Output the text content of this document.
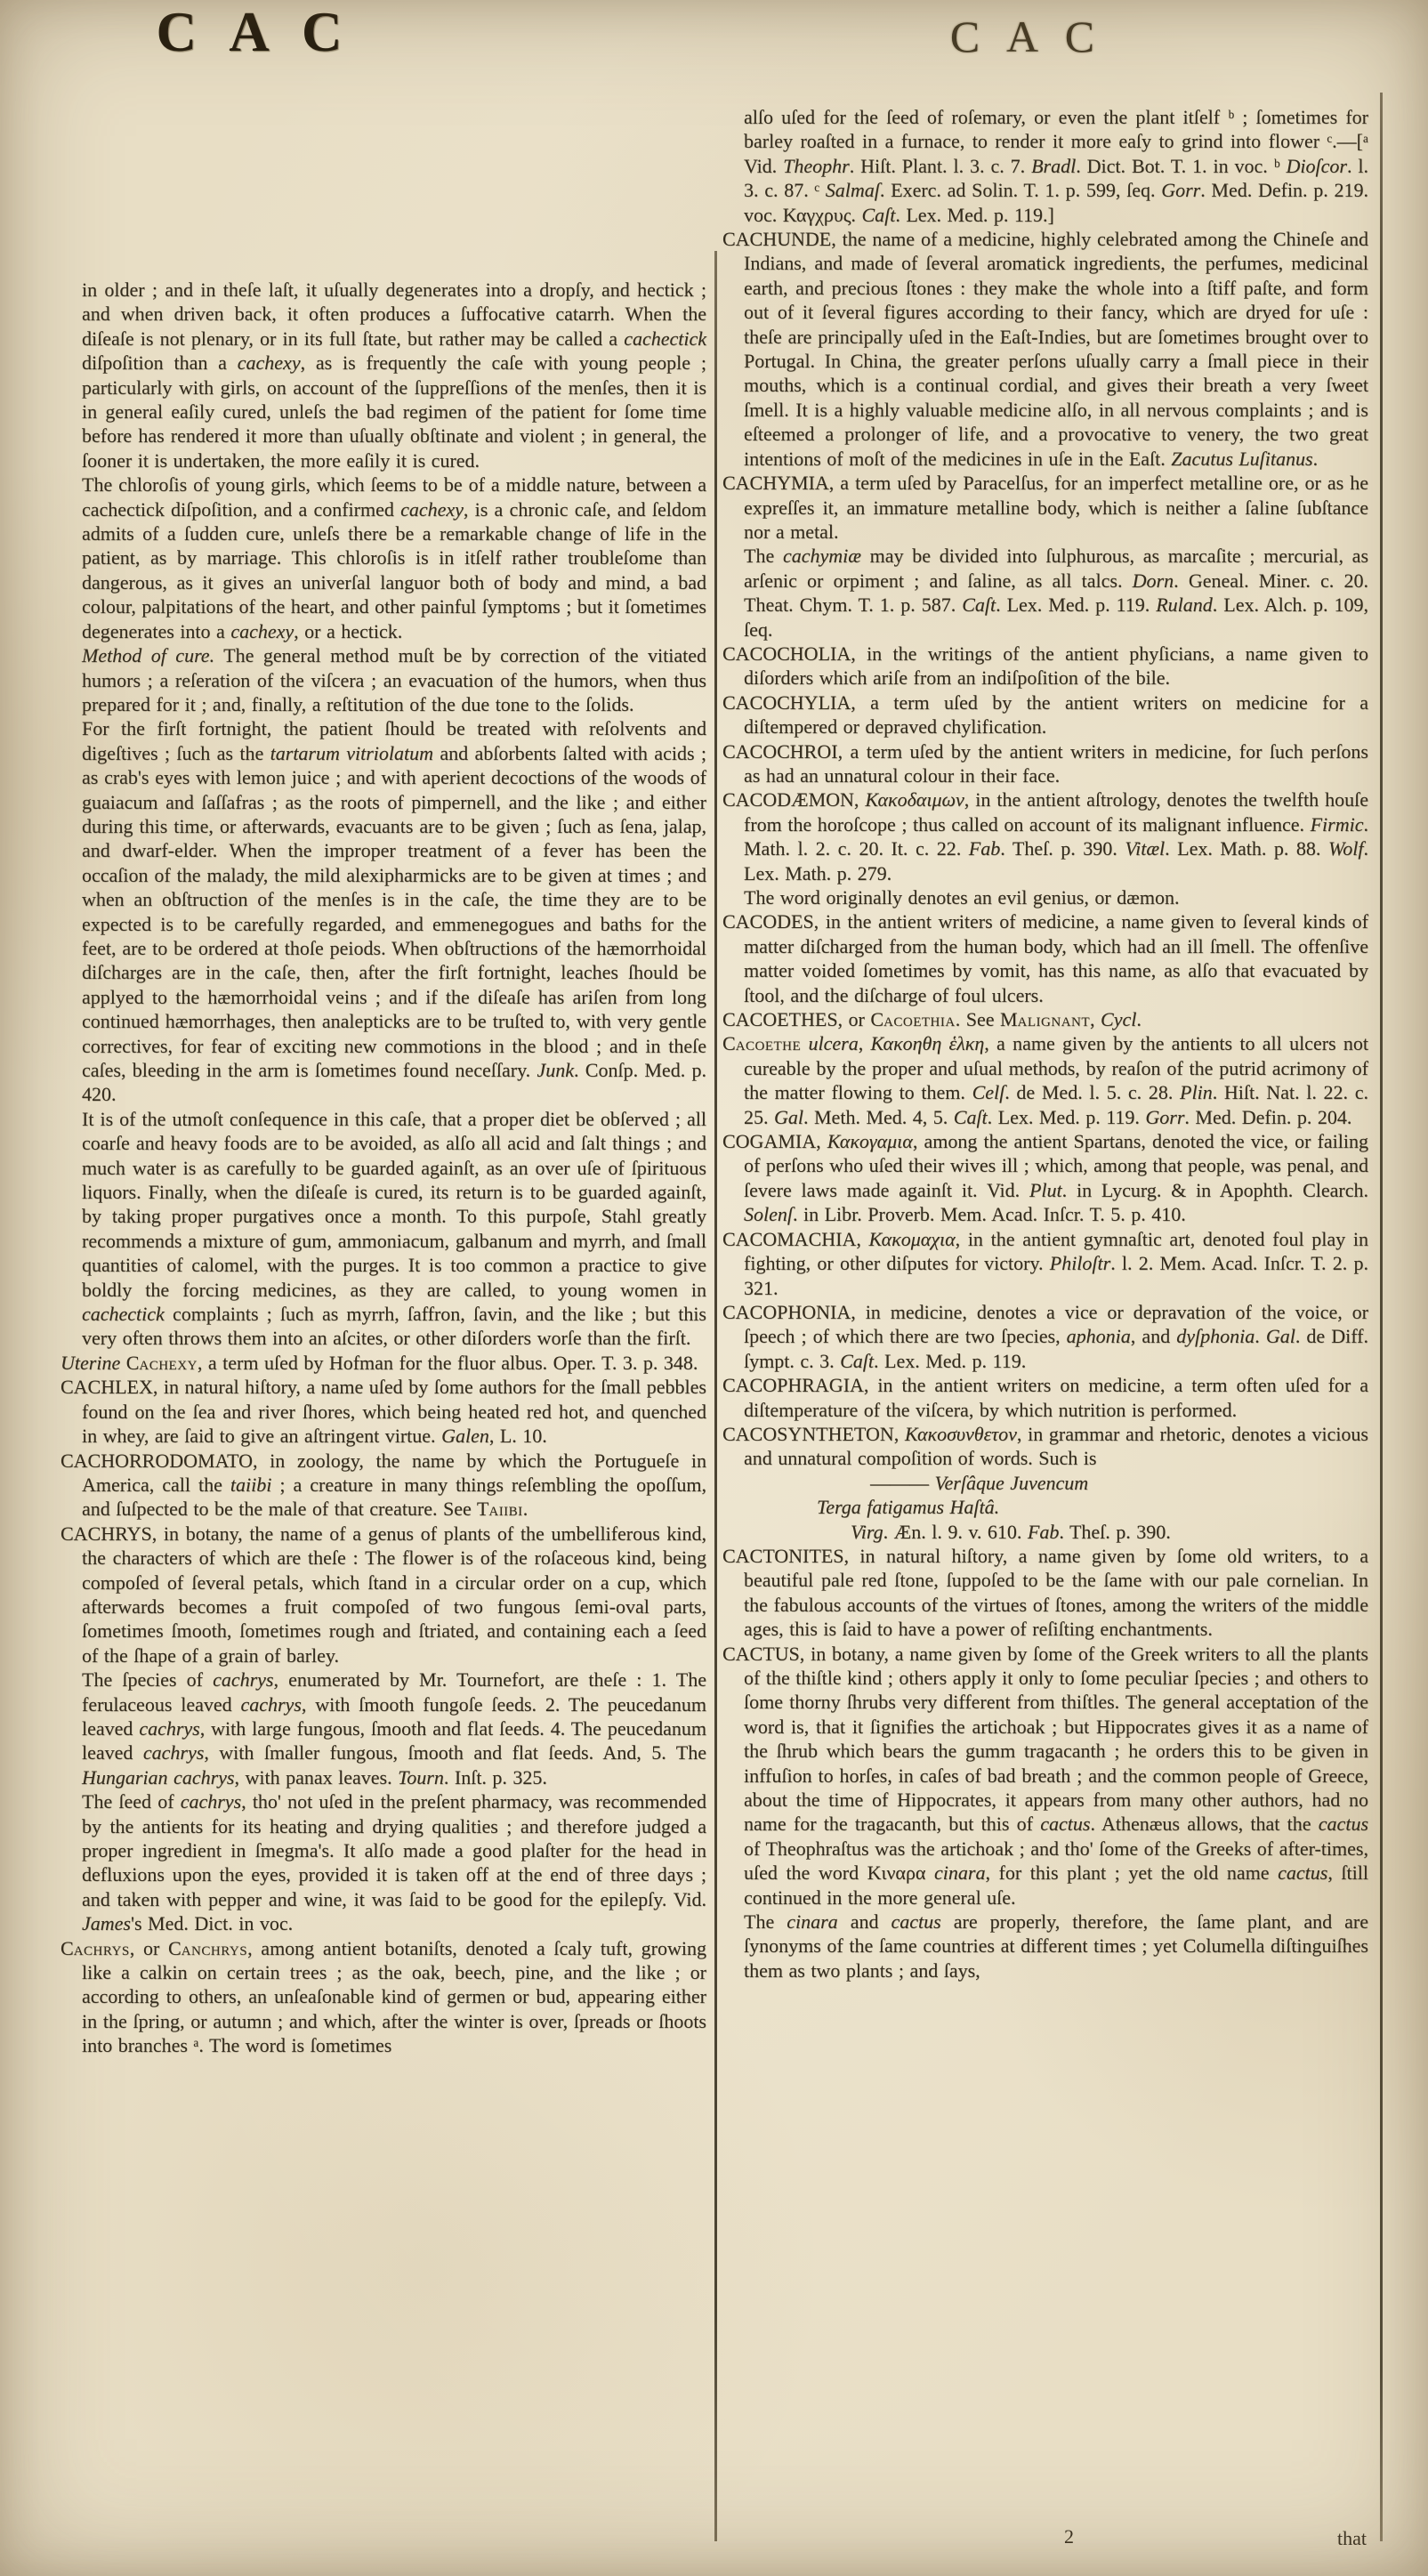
C A C	C A C

in older ; and in theſe laſt, it uſually degenerates into a dropſy, and hectick ; and when driven back, it often produces a ſuffocative catarrh. When the diſeaſe is not plenary, or in its full ſtate, but rather may be called a cachectick diſpoſition than a cachexy, as is frequently the caſe with young people ; particularly with girls, on account of the ſuppreſſions of the menſes, then it is in general eaſily cured, unleſs the bad regimen of the patient for ſome time before has rendered it more than uſually obſtinate and violent ; in general, the ſooner it is undertaken, the more eaſily it is cured.

The chloroſis of young girls, which ſeems to be of a middle nature, between a cachectick diſpoſition, and a confirmed cachexy, is a chronic caſe, and ſeldom admits of a ſudden cure, unleſs there be a remarkable change of life in the patient, as by marriage. This chloroſis is in itſelf rather troubleſome than dangerous, as it gives an univerſal languor both of body and mind, a bad colour, palpitations of the heart, and other painful ſymptoms ; but it ſometimes degenerates into a cachexy, or a hectick.

Method of cure. The general method muſt be by correction of the vitiated humors ; a reſeration of the viſcera ; an evacuation of the humors, when thus prepared for it ; and, finally, a reſtitution of the due tone to the ſolids.

For the firſt fortnight, the patient ſhould be treated with reſolvents and digeſtives ; ſuch as the tartarum vitriolatum and abſorbents ſalted with acids ; as crab's eyes with lemon juice ; and with aperient decoctions of the woods of guaiacum and ſaſſafras ; as the roots of pimpernell, and the like ; and either during this time, or afterwards, evacuants are to be given ; ſuch as ſena, jalap, and dwarf-elder. When the improper treatment of a fever has been the occaſion of the malady, the mild alexipharmicks are to be given at times ; and when an obſtruction of the menſes is in the caſe, the time they are to be expected is to be carefully regarded, and emmenegogues and baths for the feet, are to be ordered at thoſe peiods. When obſtructions of the hæmorrhoidal diſcharges are in the caſe, then, after the firſt fortnight, leaches ſhould be applyed to the hæmorrhoidal veins ; and if the diſeaſe has ariſen from long continued hæmorrhages, then analepticks are to be truſted to, with very gentle correctives, for fear of exciting new commotions in the blood ; and in theſe caſes, bleeding in the arm is ſometimes found neceſſary. Junk. Conſp. Med. p. 420.

It is of the utmoſt conſequence in this caſe, that a proper diet be obſerved ; all coarſe and heavy foods are to be avoided, as alſo all acid and ſalt things ; and much water is as carefully to be guarded againſt, as an over uſe of ſpirituous liquors. Finally, when the diſeaſe is cured, its return is to be guarded againſt, by taking proper purgatives once a month. To this purpoſe, Stahl greatly recommends a mixture of gum, ammoniacum, galbanum and myrrh, and ſmall quantities of calomel, with the purges. It is too common a practice to give boldly the forcing medicines, as they are called, to young women in cachectick complaints ; ſuch as myrrh, ſaffron, ſavin, and the like ; but this very often throws them into an aſcites, or other diſorders worſe than the firſt.

Uterine Cachexy, a term uſed by Hofman for the fluor albus. Oper. T. 3. p. 348.

CACHLEX, in natural hiſtory, a name uſed by ſome authors for the ſmall pebbles found on the ſea and river ſhores, which being heated red hot, and quenched in whey, are ſaid to give an aſtringent virtue. Galen, L. 10.

CACHORRODOMATO, in zoology, the name by which the Portugueſe in America, call the taiibi ; a creature in many things reſembling the opoſſum, and ſuſpected to be the male of that creature. See Taiibi.

CACHRYS, in botany, the name of a genus of plants of the umbelliferous kind, the characters of which are theſe : The flower is of the roſaceous kind, being compoſed of ſeveral petals, which ſtand in a circular order on a cup, which afterwards becomes a fruit compoſed of two fungous ſemi-oval parts, ſometimes ſmooth, ſometimes rough and ſtriated, and containing each a ſeed of the ſhape of a grain of barley.

The ſpecies of cachrys, enumerated by Mr. Tournefort, are theſe : 1. The ferulaceous leaved cachrys, with ſmooth fungoſe ſeeds. 2. The peucedanum leaved cachrys, with large fungous, ſmooth and flat ſeeds. 4. The peucedanum leaved cachrys, with ſmaller fungous, ſmooth and flat ſeeds. And, 5. The Hungarian cachrys, with panax leaves. Tourn. Inſt. p. 325.

The ſeed of cachrys, tho' not uſed in the preſent pharmacy, was recommended by the antients for its heating and drying qualities ; and therefore judged a proper ingredient in ſmegma's. It alſo made a good plaſter for the head in defluxions upon the eyes, provided it is taken off at the end of three days ; and taken with pepper and wine, it was ſaid to be good for the epilepſy. Vid. James's Med. Dict. in voc.

Cachrys, or Canchrys, among antient botaniſts, denoted a ſcaly tuft, growing like a calkin on certain trees ; as the oak, beech, pine, and the like ; or according to others, an unſeaſonable kind of germen or bud, appearing either in the ſpring, or autumn ; and which, after the winter is over, ſpreads or ſhoots into branches ᵃ. The word is ſometimes

alſo uſed for the ſeed of roſemary, or even the plant itſelf ᵇ ; ſometimes for barley roaſted in a furnace, to render it more eaſy to grind into flower ᶜ.—[ᵃ Vid. Theophr. Hiſt. Plant. l. 3. c. 7. Bradl. Dict. Bot. T. 1. in voc. ᵇ Dioſcor. l. 3. c. 87. ᶜ Salmaſ. Exerc. ad Solin. T. 1. p. 599, ſeq. Gorr. Med. Defin. p. 219. voc. Καγχρυς. Caſt. Lex. Med. p. 119.]

CACHUNDE, the name of a medicine, highly celebrated among the Chineſe and Indians, and made of ſeveral aromatick ingredients, the perfumes, medicinal earth, and precious ſtones : they make the whole into a ſtiff paſte, and form out of it ſeveral figures according to their fancy, which are dryed for uſe : theſe are principally uſed in the Eaſt-Indies, but are ſometimes brought over to Portugal. In China, the greater perſons uſually carry a ſmall piece in their mouths, which is a continual cordial, and gives their breath a very ſweet ſmell. It is a highly valuable medicine alſo, in all nervous complaints ; and is eſteemed a prolonger of life, and a provocative to venery, the two great intentions of moſt of the medicines in uſe in the Eaſt. Zacutus Luſitanus.

CACHYMIA, a term uſed by Paracelſus, for an imperfect metalline ore, or as he expreſſes it, an immature metalline body, which is neither a ſaline ſubſtance nor a metal.

The cachymiæ may be divided into ſulphurous, as marcaſite ; mercurial, as arſenic or orpiment ; and ſaline, as all talcs. Dorn. Geneal. Miner. c. 20. Theat. Chym. T. 1. p. 587. Caſt. Lex. Med. p. 119. Ruland. Lex. Alch. p. 109, ſeq.

CACOCHOLIA, in the writings of the antient phyſicians, a name given to diſorders which ariſe from an indiſpoſition of the bile.

CACOCHYLIA, a term uſed by the antient writers on medicine for a diſtempered or depraved chylification.

CACOCHROI, a term uſed by the antient writers in medicine, for ſuch perſons as had an unnatural colour in their face.

CACODÆMON, Κακοδαιμων, in the antient aſtrology, denotes the twelfth houſe from the horoſcope ; thus called on account of its malignant influence. Firmic. Math. l. 2. c. 20. It. c. 22. Fab. Theſ. p. 390. Vitæl. Lex. Math. p. 88. Wolf. Lex. Math. p. 279.

The word originally denotes an evil genius, or dæmon.

CACODES, in the antient writers of medicine, a name given to ſeveral kinds of matter diſcharged from the human body, which had an ill ſmell. The offenſive matter voided ſometimes by vomit, has this name, as alſo that evacuated by ſtool, and the diſcharge of foul ulcers.

CACOETHES, or Cacoethia. See Malignant, Cycl.

Cacoethe ulcera, Κακοηθη ἑλκη, a name given by the antients to all ulcers not cureable by the proper and uſual methods, by reaſon of the putrid acrimony of the matter flowing to them. Celſ. de Med. l. 5. c. 28. Plin. Hiſt. Nat. l. 22. c. 25. Gal. Meth. Med. 4, 5. Caſt. Lex. Med. p. 119. Gorr. Med. Defin. p. 204.

COGAMIA, Κακογαμια, among the antient Spartans, denoted the vice, or failing of perſons who uſed their wives ill ; which, among that people, was penal, and ſevere laws made againſt it. Vid. Plut. in Lycurg. & in Apophth. Clearch. Solenſ. in Libr. Proverb. Mem. Acad. Inſcr. T. 5. p. 410.

CACOMACHIA, Κακομαχια, in the antient gymnaſtic art, denoted foul play in fighting, or other diſputes for victory. Philoſtr. l. 2. Mem. Acad. Inſcr. T. 2. p. 321.

CACOPHONIA, in medicine, denotes a vice or depravation of the voice, or ſpeech ; of which there are two ſpecies, aphonia, and dyſphonia. Gal. de Diff. ſympt. c. 3. Caſt. Lex. Med. p. 119.

CACOPHRAGIA, in the antient writers on medicine, a term often uſed for a diſtemperature of the viſcera, by which nutrition is performed.

CACOSYNTHETON, Κακοσυνθετον, in grammar and rhetoric, denotes a vicious and unnatural compoſition of words. Such is

——— Verſâque Juvencum

Terga fatigamus Haſtâ.

Virg. Æn. l. 9. v. 610. Fab. Theſ. p. 390.

CACTONITES, in natural hiſtory, a name given by ſome old writers, to a beautiful pale red ſtone, ſuppoſed to be the ſame with our pale cornelian. In the fabulous accounts of the virtues of ſtones, among the writers of the middle ages, this is ſaid to have a power of reſiſting enchantments.

CACTUS, in botany, a name given by ſome of the Greek writers to all the plants of the thiſtle kind ; others apply it only to ſome peculiar ſpecies ; and others to ſome thorny ſhrubs very different from thiſtles. The general acceptation of the word is, that it ſignifies the artichoak ; but Hippocrates gives it as a name of the ſhrub which bears the gumm tragacanth ; he orders this to be given in inffuſion to horſes, in caſes of bad breath ; and the common people of Greece, about the time of Hippocrates, it appears from many other authors, had no name for the tragacanth, but this of cactus. Athenæus allows, that the cactus of Theophraſtus was the artichoak ; and tho' ſome of the Greeks of after-times, uſed the word Κιναρα cinara, for this plant ; yet the old name cactus, ſtill continued in the more general uſe.

The cinara and cactus are properly, therefore, the ſame plant, and are ſynonyms of the ſame countries at different times ; yet Columella diſtinguiſhes them as two plants ; and ſays,

2	that
